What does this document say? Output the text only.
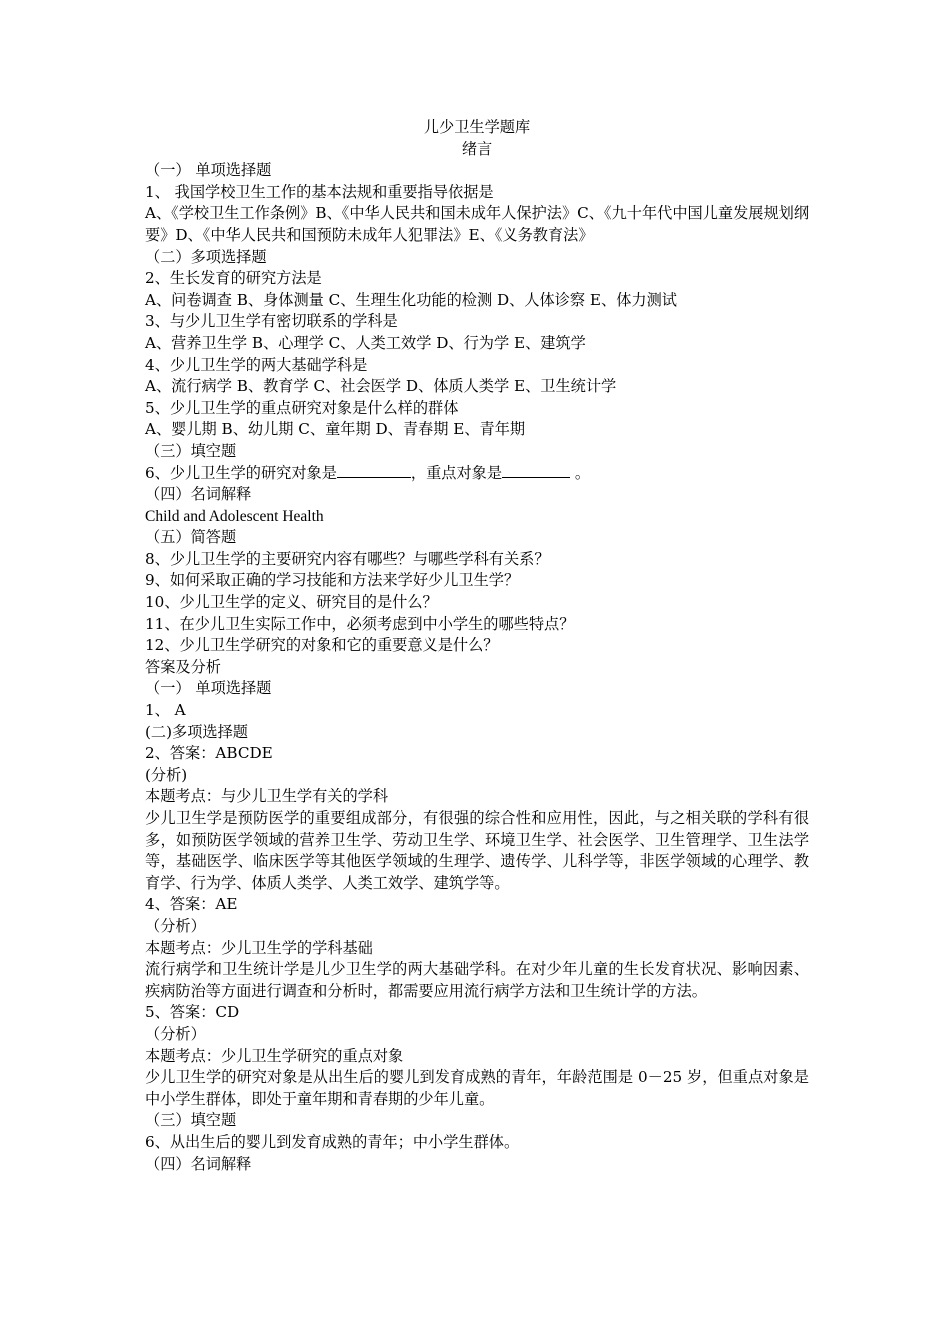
儿少卫生学题库

绪言

（一） 单项选择题

1、 我国学校卫生工作的基本法规和重要指导依据是

A、《学校卫生工作条例》B、《中华人民共和国未成年人保护法》C、《九十年代中国儿童发展规划纲要》D、《中华人民共和国预防未成年人犯罪法》E、《义务教育法》

（二）多项选择题

2、生长发育的研究方法是

A、问卷调查 B、身体测量 C、生理生化功能的检测 D、人体诊察 E、体力测试

3、与少儿卫生学有密切联系的学科是

A、营养卫生学 B、心理学 C、人类工效学 D、行为学 E、建筑学

4、少儿卫生学的两大基础学科是

A、流行病学 B、教育学 C、社会医学 D、体质人类学 E、卫生统计学

5、少儿卫生学的重点研究对象是什么样的群体

A、婴儿期 B、幼儿期 C、童年期 D、青春期 E、青年期

（三）填空题

6、少儿卫生学的研究对象是	，重点对象是	。

（四）名词解释

Child and Adolescent Health

（五）简答题

8、少儿卫生学的主要研究内容有哪些？与哪些学科有关系？

9、如何采取正确的学习技能和方法来学好少儿卫生学？

10、少儿卫生学的定义、研究目的是什么？

11、在少儿卫生实际工作中，必须考虑到中小学生的哪些特点？

12、少儿卫生学研究的对象和它的重要意义是什么？

答案及分析

（一） 单项选择题

1、 A

(二)多项选择题

2、答案：ABCDE

(分析)

本题考点：与少儿卫生学有关的学科

少儿卫生学是预防医学的重要组成部分，有很强的综合性和应用性，因此，与之相关联的学科有很多，如预防医学领域的营养卫生学、劳动卫生学、环境卫生学、社会医学、卫生管理学、卫生法学等，基础医学、临床医学等其他医学领域的生理学、遗传学、儿科学等，非医学领域的心理学、教育学、行为学、体质人类学、人类工效学、建筑学等。

4、答案：AE

（分析）

本题考点：少儿卫生学的学科基础

流行病学和卫生统计学是儿少卫生学的两大基础学科。在对少年儿童的生长发育状况、影响因素、疾病防治等方面进行调查和分析时，都需要应用流行病学方法和卫生统计学的方法。

5、答案：CD

（分析）

本题考点：少儿卫生学研究的重点对象

少儿卫生学的研究对象是从出生后的婴儿到发育成熟的青年，年龄范围是 0－25 岁，但重点对象是中小学生群体，即处于童年期和青春期的少年儿童。

（三）填空题

6、从出生后的婴儿到发育成熟的青年；中小学生群体。

（四）名词解释
